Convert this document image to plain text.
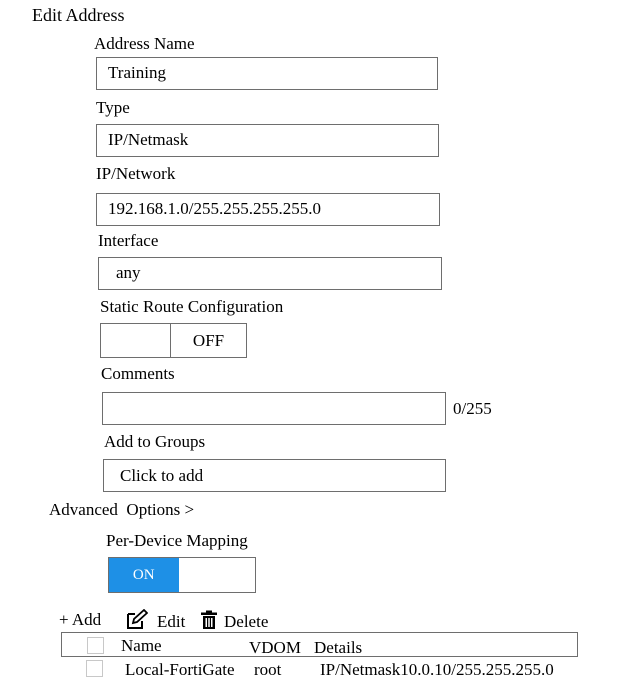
Edit Address
Address Name
Training
Type
IP/Netmask
IP/Network
192.168.1.0/255.255.255.255.0
Interface
any
Static Route Configuration
OFF
Comments
0/255
Add to Groups
Click to add
Advanced  Options >
Per-Device Mapping
ON
+ Add	Edit Delete
Name	VDOM Details
Local-FortiGate root IP/Netmask10.0.10/255.255.255.0
